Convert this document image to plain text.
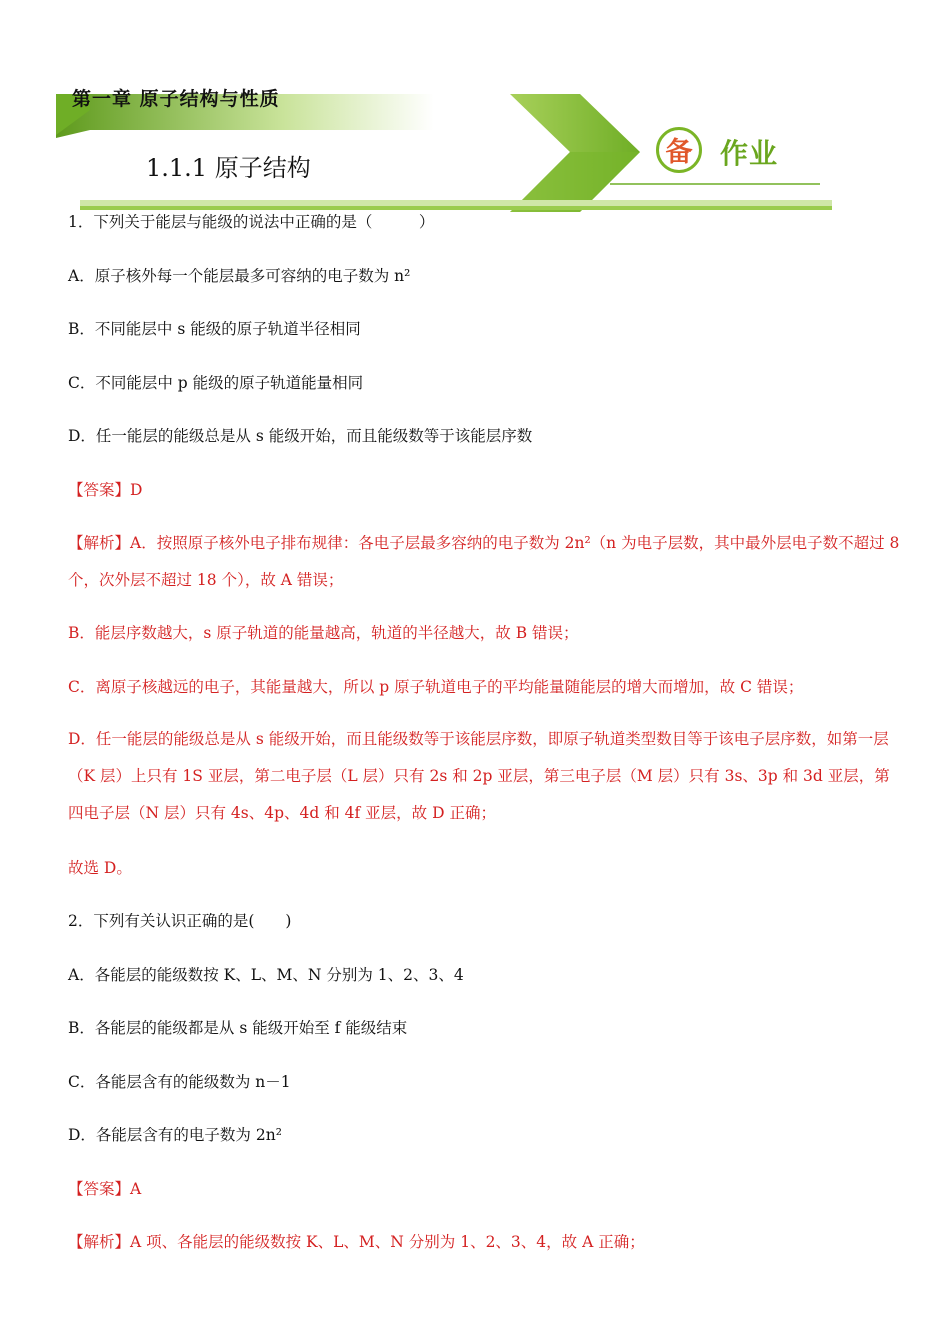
第一章 原子结构与性质
1.1.1 原子结构	备 作业
1．下列关于能层与能级的说法中正确的是（　　　）
A．原子核外每一个能层最多可容纳的电子数为 n²
B．不同能层中 s 能级的原子轨道半径相同
C．不同能层中 p 能级的原子轨道能量相同
D．任一能层的能级总是从 s 能级开始，而且能级数等于该能层序数
【答案】D
【解析】A．按照原子核外电子排布规律：各电子层最多容纳的电子数为 2n²（n 为电子层数，其中最外层电子数不超过 8 个，次外层不超过 18 个），故 A 错误；
B．能层序数越大，s 原子轨道的能量越高，轨道的半径越大，故 B 错误；
C．离原子核越远的电子，其能量越大，所以 p 原子轨道电子的平均能量随能层的增大而增加，故 C 错误；
D．任一能层的能级总是从 s 能级开始，而且能级数等于该能层序数，即原子轨道类型数目等于该电子层序数，如第一层（K 层）上只有 1S 亚层，第二电子层（L 层）只有 2s 和 2p 亚层，第三电子层（M 层）只有 3s、3p 和 3d 亚层，第四电子层（N 层）只有 4s、4p、4d 和 4f 亚层，故 D 正确；
故选 D。
2．下列有关认识正确的是(　　)
A．各能层的能级数按 K、L、M、N 分别为 1、2、3、4
B．各能层的能级都是从 s 能级开始至 f 能级结束
C．各能层含有的能级数为 n－1
D．各能层含有的电子数为 2n²
【答案】A
【解析】A 项、各能层的能级数按 K、L、M、N 分别为 1、2、3、4，故 A 正确；
